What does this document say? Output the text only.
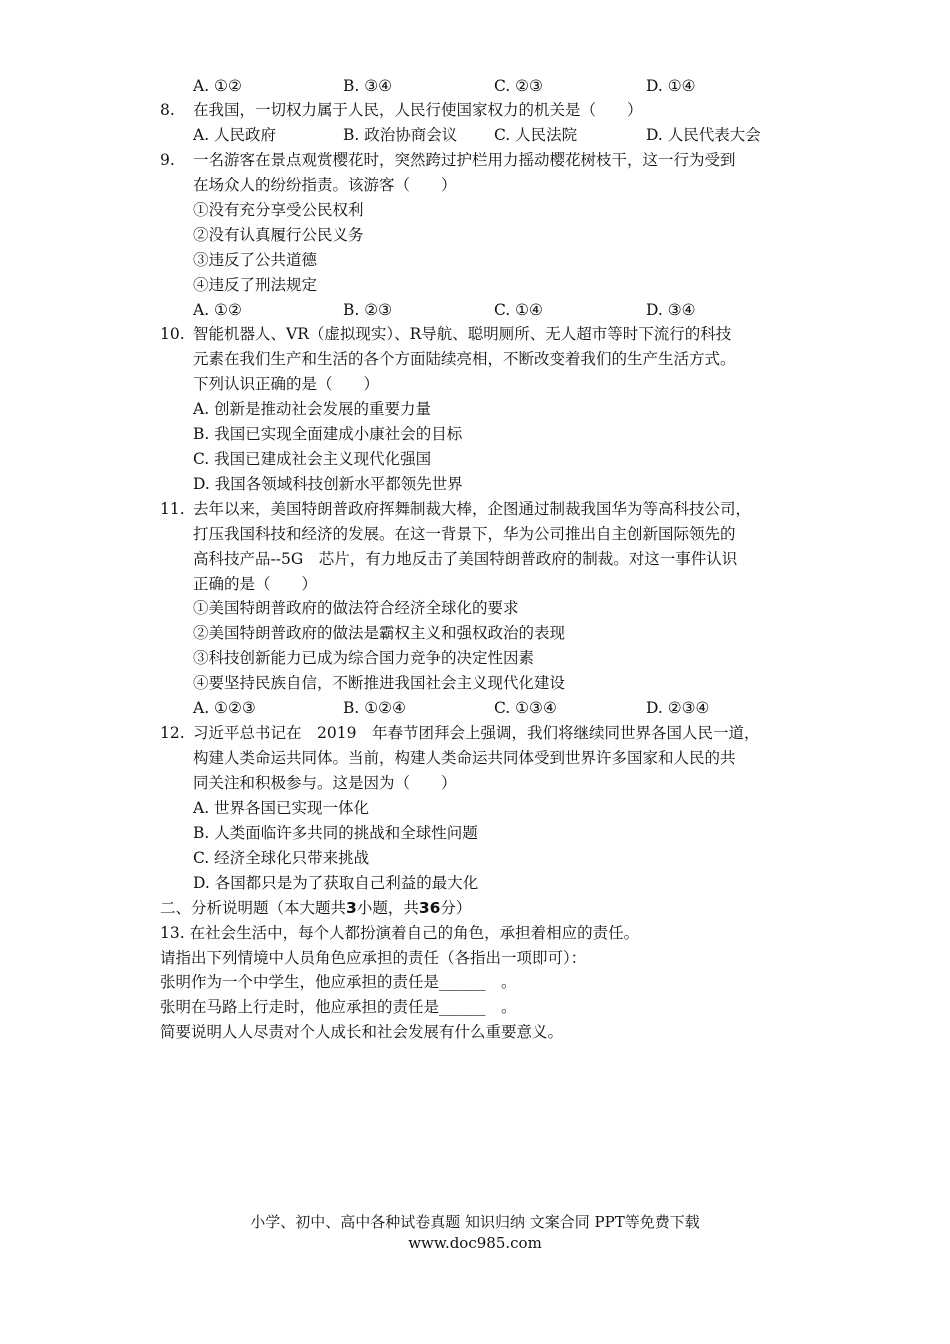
A. ①②	B. ③④	C. ②③	D. ①④
8. 在我国，一切权力属于人民，人民行使国家权力的机关是（　　）
A. 人民政府	B. 政治协商会议 C. 人民法院	D. 人民代表大会
9. 一名游客在景点观赏樱花时，突然跨过护栏用力摇动樱花树枝干，这一行为受到
在场众人的纷纷指责。该游客（　　）
①没有充分享受公民权利
②没有认真履行公民义务
③违反了公共道德
④违反了刑法规定
A. ①②	B. ②③	C. ①④	D. ③④
10. 智能机器人、VR（虚拟现实）、R导航、聪明厕所、无人超市等时下流行的科技
元素在我们生产和生活的各个方面陆续亮相，不断改变着我们的生产生活方式。
下列认识正确的是（　　）
A. 创新是推动社会发展的重要力量
B. 我国已实现全面建成小康社会的目标
C. 我国已建成社会主义现代化强国
D. 我国各领域科技创新水平都领先世界
11. 去年以来，美国特朗普政府挥舞制裁大棒，企图通过制裁我国华为等高科技公司，
打压我国科技和经济的发展。在这一背景下，华为公司推出自主创新国际领先的
高科技产品--5G　芯片，有力地反击了美国特朗普政府的制裁。对这一事件认识
正确的是（　　）
①美国特朗普政府的做法符合经济全球化的要求
②美国特朗普政府的做法是霸权主义和强权政治的表现
③科技创新能力已成为综合国力竞争的决定性因素
④要坚持民族自信，不断推进我国社会主义现代化建设
A. ①②③	B. ①②④	C. ①③④	D. ②③④
12. 习近平总书记在　2019　年春节团拜会上强调，我们将继续同世界各国人民一道，
构建人类命运共同体。当前，构建人类命运共同体受到世界许多国家和人民的共
同关注和积极参与。这是因为（　　）
A. 世界各国已实现一体化
B. 人类面临许多共同的挑战和全球性问题
C. 经济全球化只带来挑战
D. 各国都只是为了获取自己利益的最大化
二、分析说明题（本大题共3小题，共36分）
13. 在社会生活中，每个人都扮演着自己的角色，承担着相应的责任。
请指出下列情境中人员角色应承担的责任（各指出一项即可）：
张明作为一个中学生，他应承担的责任是______　。
张明在马路上行走时，他应承担的责任是______　。
简要说明人人尽责对个人成长和社会发展有什么重要意义。
小学、初中、高中各种试卷真题 知识归纳 文案合同 PPT等免费下载
www.doc985.com
